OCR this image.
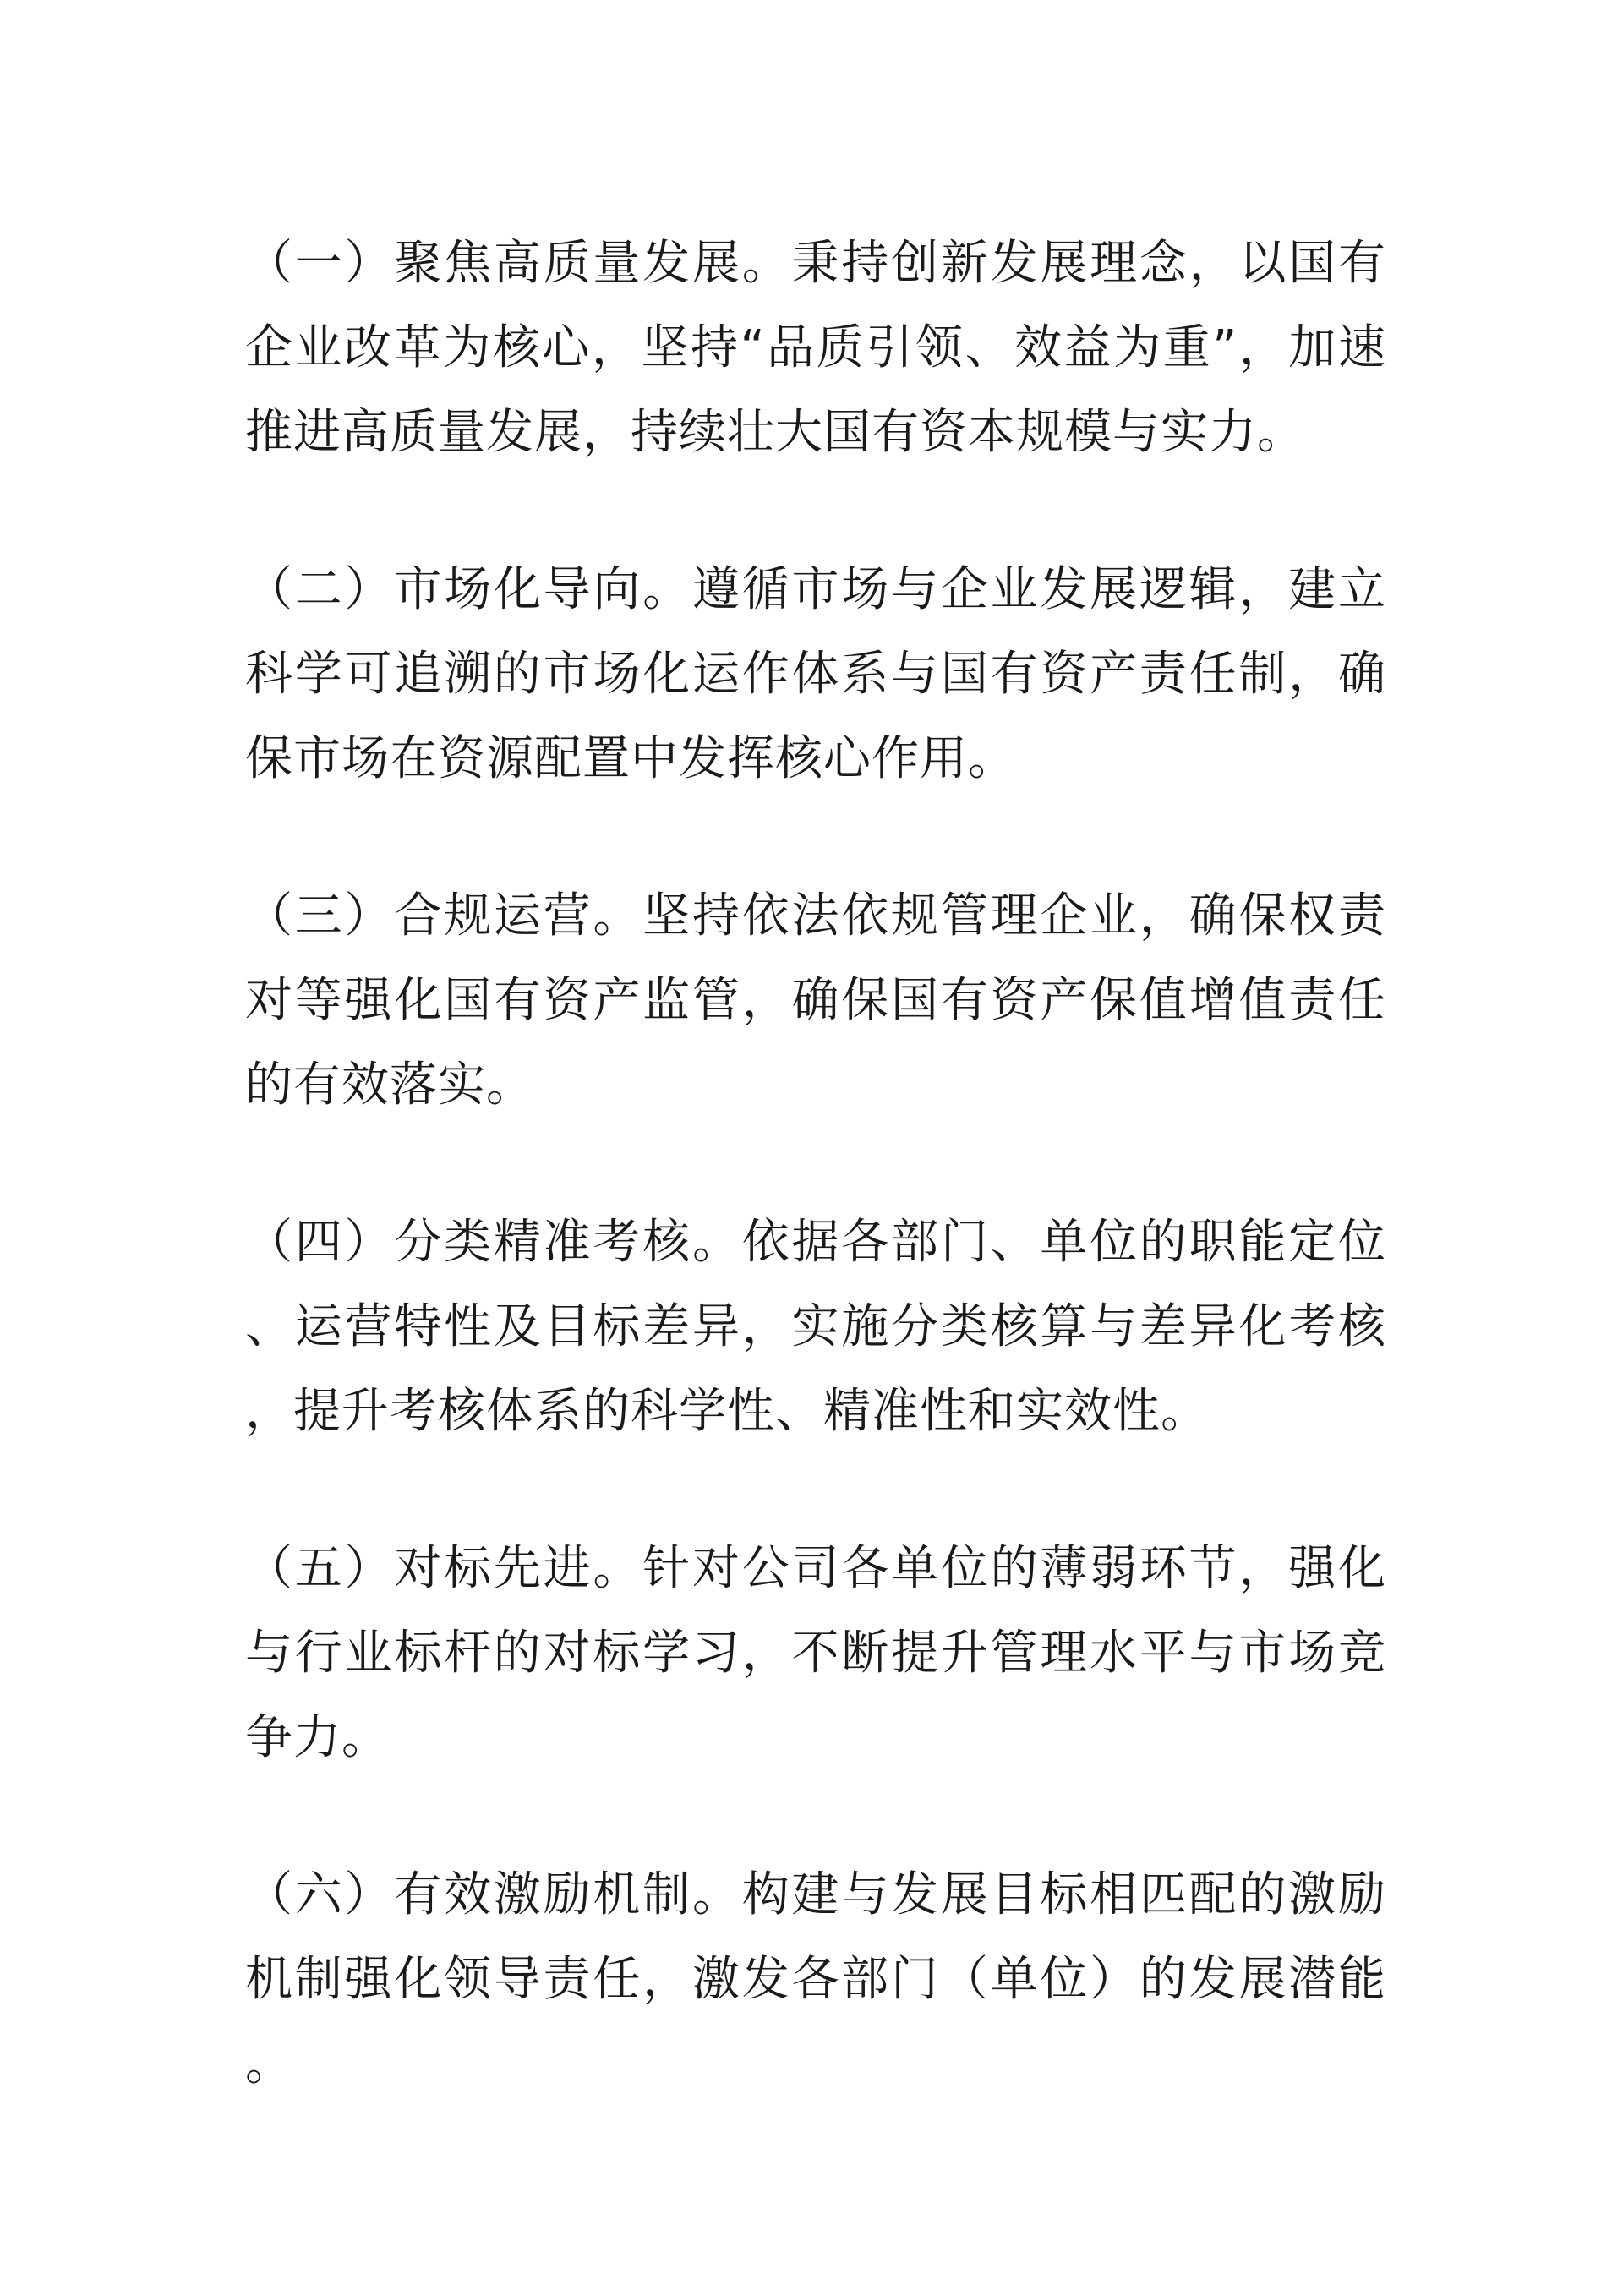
（一）聚焦高质量发展。秉持创新发展理念，以国有企业改革为核心，坚持“品质引领、效益为重”，加速推进高质量发展，持续壮大国有资本规模与实力。

（二）市场化导向。遵循市场与企业发展逻辑，建立科学可追溯的市场化运作体系与国有资产责任制，确保市场在资源配置中发挥核心作用。

（三）合规运营。坚持依法依规管理企业，确保权责对等强化国有资产监管，确保国有资产保值增值责任的有效落实。

（四）分类精准考核。依据各部门、单位的职能定位、运营特性及目标差异，实施分类核算与差异化考核，提升考核体系的科学性、精准性和实效性。

（五）对标先进。针对公司各单位的薄弱环节，强化与行业标杆的对标学习，不断提升管理水平与市场竞争力。

（六）有效激励机制。构建与发展目标相匹配的激励机制强化领导责任，激发各部门（单位）的发展潜能。
